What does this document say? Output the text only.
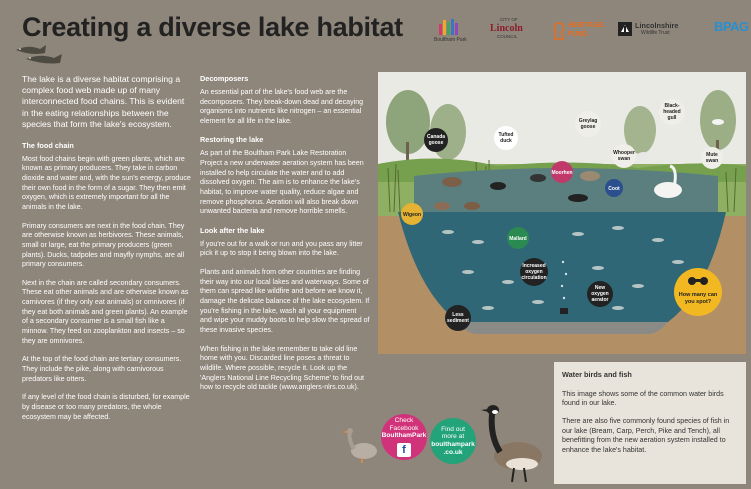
Creating a diverse lake habitat	Boultham Park
CITY OF
Lincoln
COUNCIL
HERITAGE
FUND
Lincolnshire
Wildlife Trust	BPAG

The lake is a diverse habitat comprising a complex food web made up of many interconnected food chains. This is evident in the eating relationships between the species that form the lake's ecosystem.

The food chain

Most food chains begin with green plants, which are known as primary producers. They take in carbon dioxide and water and, with the sun's energy, produce their own food in the form of a sugar. They then emit oxygen, which is extremely important for all the animals in the lake.

Primary consumers are next in the food chain. They are otherwise known as herbivores. These animals, small or large, eat the primary producers (green plants). Ducks, tadpoles and mayfly nymphs, are all primary consumers.

Next in the chain are called secondary consumers. These eat other animals and are otherwise known as carnivores (if they only eat animals) or omnivores (if they eat both animals and green plants). An example of a secondary consumer is a small fish like a minnow. They feed on zooplankton and insects – so they are omnivores.

At the top of the food chain are tertiary consumers. They include the pike, along with carnivorous predators like otters.

If any level of the food chain is disturbed, for example by disease or too many predators, the whole ecosystem may be affected.

Decomposers

An essential part of the lake's food web are the decomposers. They break-down dead and decaying organisms into nutrients like nitrogen – an essential element for all life in the lake.

Restoring the lake

As part of the Boultham Park Lake Restoration Project a new underwater aeration system has been installed to help circulate the water and to add dissolved oxygen. The aim is to enhance the lake's habitat, to improve water quality, reduce algae and remove phosphorus. Aeration will also break down unwanted bacteria and remove horrible smells.

Look after the lake

If you're out for a walk or run and you pass any litter pick it up to stop it being blown into the lake.

Plants and animals from other countries are finding their way into our local lakes and waterways. Some of them can spread like wildfire and before we know it, damage the delicate balance of the lake ecosystem. If you're fishing in the lake, wash all your equipment and wipe your muddy boots to help slow the spread of these invasive species.

When fishing in the lake remember to take old line home with you. Discarded line poses a threat to wildlife. Where possible, recycle it. Look up the 'Anglers National Line Recycling Scheme' to find out how to recycle old tackle (www.anglers-nlrs.co.uk).

Canada
goose
Tufted
duck
Greylag
goose
Black-
headed
gull
Whooper
swan
Mute
swan
Moorhen
Coot
Mallard
Wigeon
Increased
oxygen
circulation
New
oxygen
aerator
Less
sediment
How many can
you spot?
Water birds and fish

This image shows some of the common water birds found in our lake.

There are also five commonly found species of fish in our lake (Bream, Carp, Perch, Pike and Tench), all benefitting from the new aeration system installed to enhance the lake's habitat.

Check
Facebook
BoulthamPark
f
Find out
more at
boulthampark
.co.uk
